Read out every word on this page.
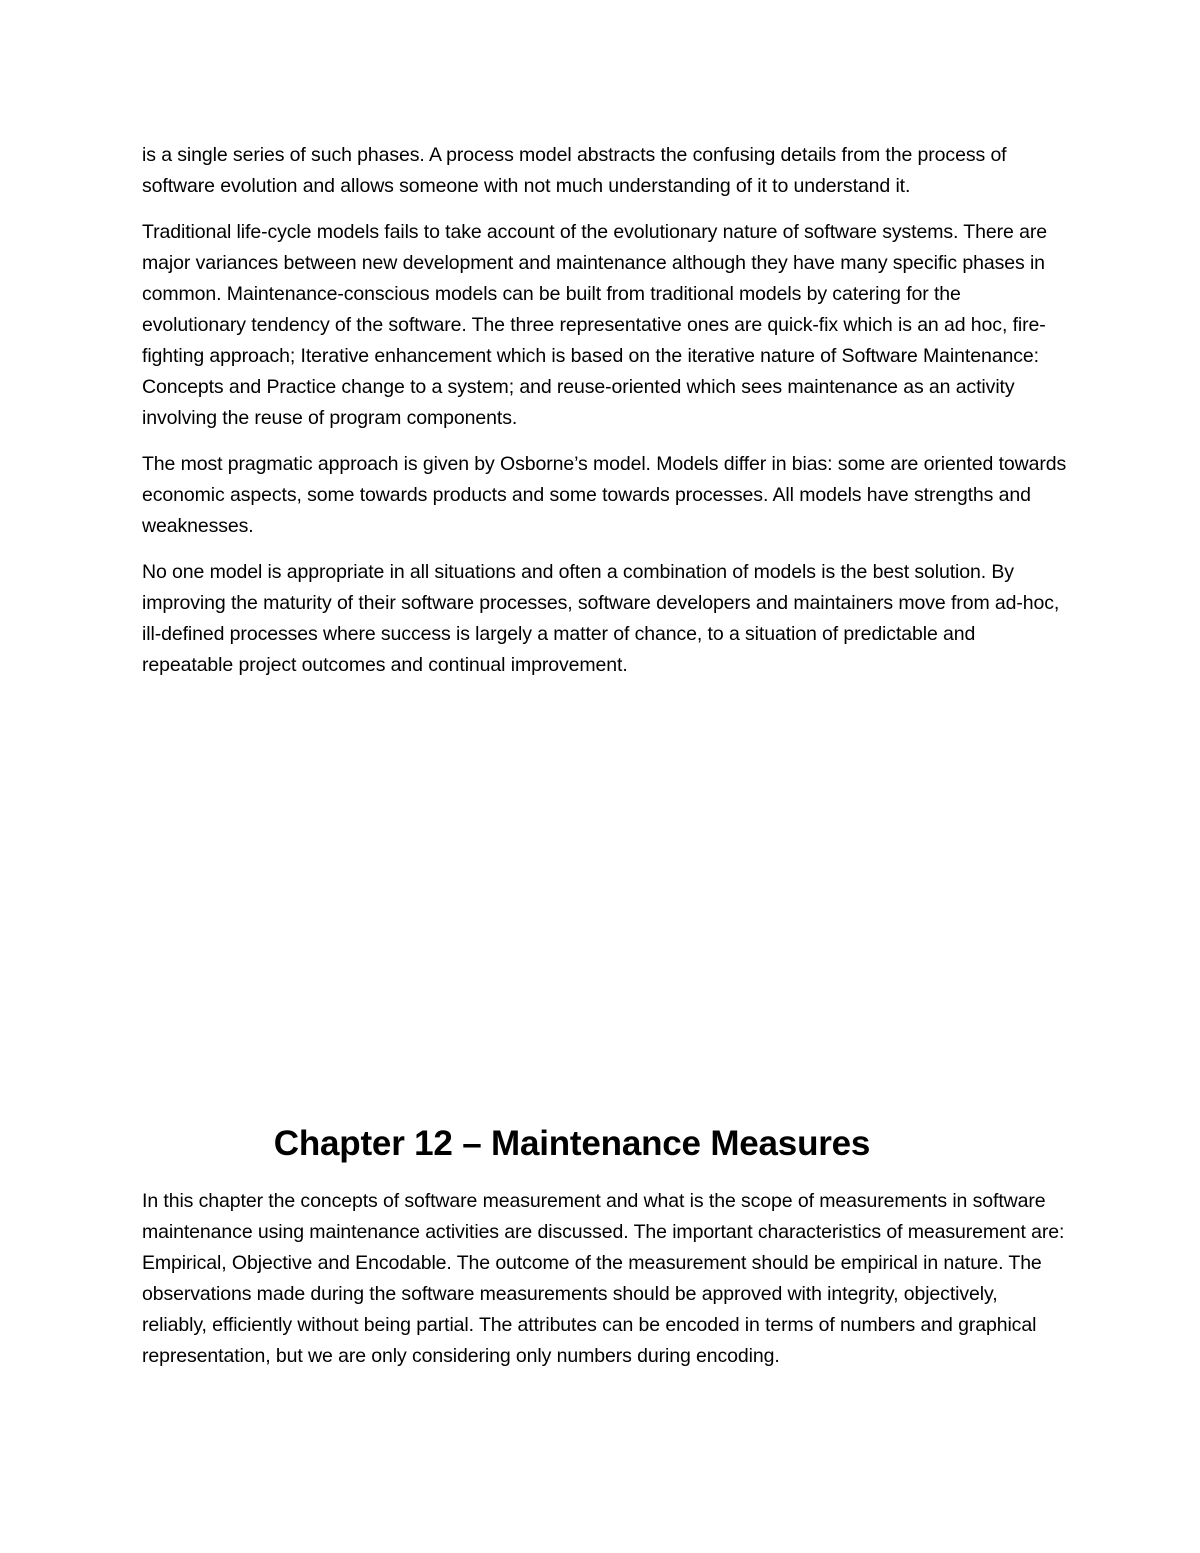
is a single series of such phases. A process model abstracts the confusing details from the process of software evolution and allows someone with not much understanding of it to understand it.

Traditional life-cycle models fails to take account of the evolutionary nature of software systems. There are major variances between new development and maintenance although they have many specific phases in common. Maintenance-conscious models can be built from traditional models by catering for the evolutionary tendency of the software. The three representative ones are quick-fix which is an ad hoc, fire-fighting approach; Iterative enhancement which is based on the iterative nature of Software Maintenance: Concepts and Practice change to a system; and reuse-oriented which sees maintenance as an activity involving the reuse of program components.

The most pragmatic approach is given by Osborne’s model. Models differ in bias: some are oriented towards economic aspects, some towards products and some towards processes. All models have strengths and weaknesses.

No one model is appropriate in all situations and often a combination of models is the best solution. By improving the maturity of their software processes, software developers and maintainers move from ad-hoc, ill-defined processes where success is largely a matter of chance, to a situation of predictable and repeatable project outcomes and continual improvement.

Chapter 12 – Maintenance Measures

In this chapter the concepts of software measurement and what is the scope of measurements in software maintenance using maintenance activities are discussed. The important characteristics of measurement are: Empirical, Objective and Encodable. The outcome of the measurement should be empirical in nature. The observations made during the software measurements should be approved with integrity, objectively, reliably, efficiently without being partial. The attributes can be encoded in terms of numbers and graphical representation, but we are only considering only numbers during encoding.
